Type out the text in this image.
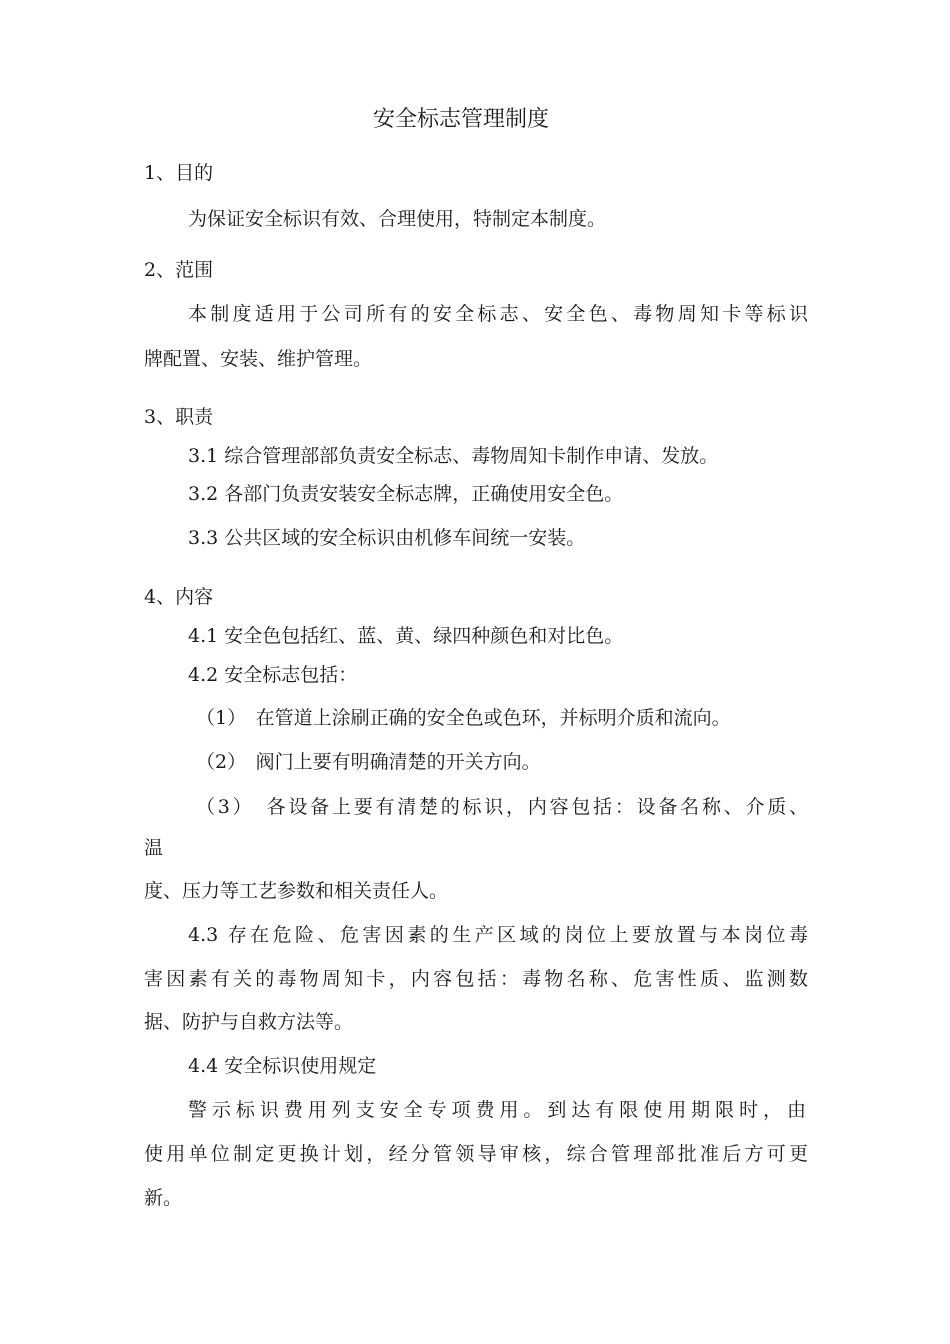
安全标志管理制度
1、目的
为保证安全标识有效、合理使用，特制定本制度。
2、范围
本制度适用于公司所有的安全标志、安全色、毒物周知卡等标识
牌配置、安装、维护管理。
3、职责
3.1 综合管理部部负责安全标志、毒物周知卡制作申请、发放。
3.2 各部门负责安装安全标志牌，正确使用安全色。
3.3 公共区域的安全标识由机修车间统一安装。
4、内容
4.1 安全色包括红、蓝、黄、绿四种颜色和对比色。
4.2 安全标志包括：
（1）　在管道上涂刷正确的安全色或色环，并标明介质和流向。
（2）　阀门上要有明确清楚的开关方向。
（3）　各设备上要有清楚的标识，内容包括：设备名称、介质、
温
度、压力等工艺参数和相关责任人。
4.3 存在危险、危害因素的生产区域的岗位上要放置与本岗位毒
害因素有关的毒物周知卡，内容包括：毒物名称、危害性质、监测数
据、防护与自救方法等。
4.4 安全标识使用规定
警示标识费用列支安全专项费用。到达有限使用期限时，由
使用单位制定更换计划，经分管领导审核，综合管理部批准后方可更
新。
